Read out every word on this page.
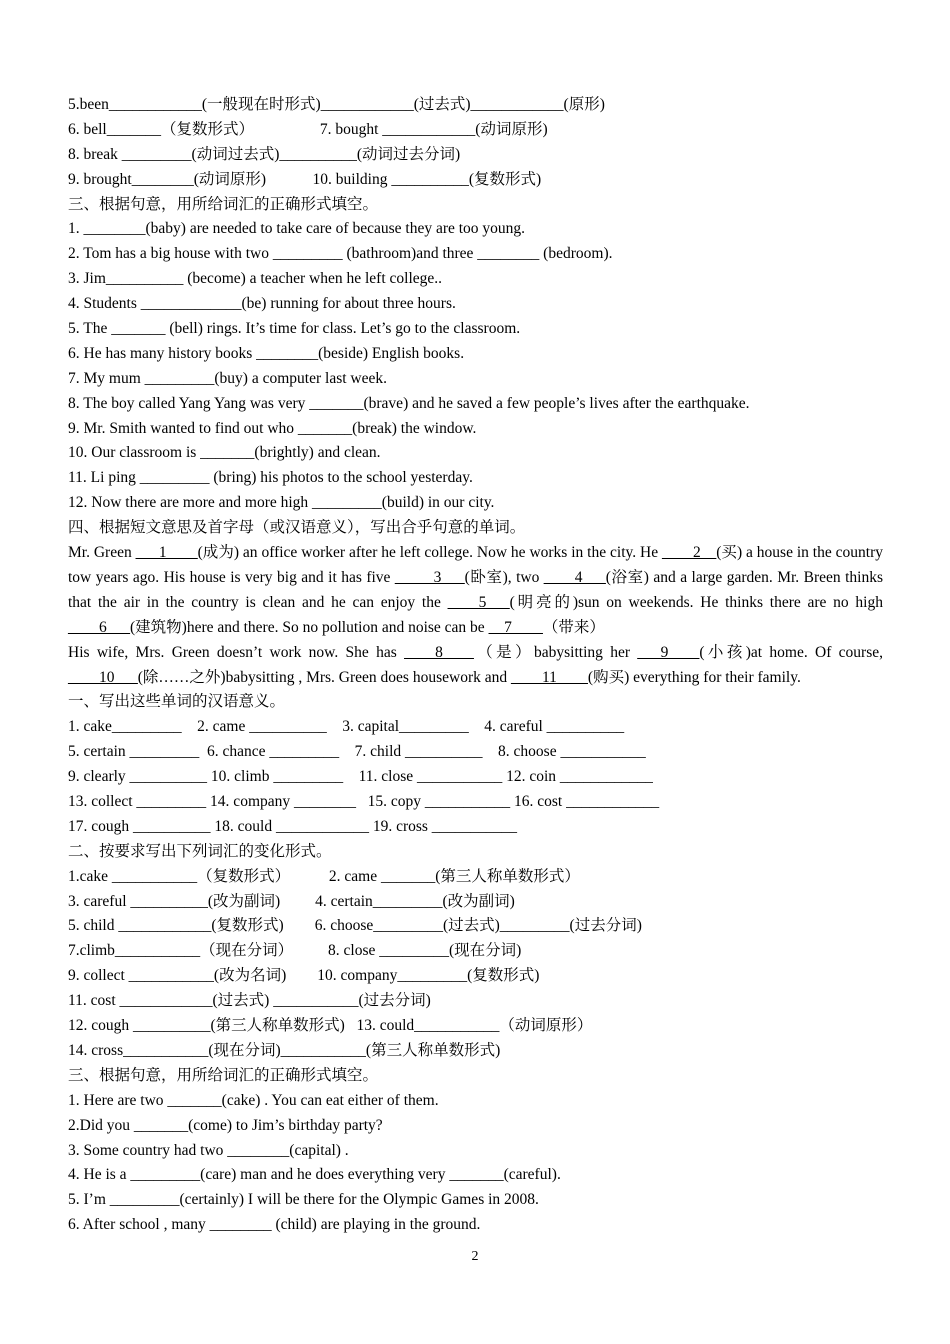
5.been____________(一般现在时形式)____________(过去式)____________(原形)
6. bell_______（复数形式）                 7. bought ____________(动词原形)
8. break _________(动词过去式)__________(动词过去分词)
9. brought________(动词原形)            10. building __________(复数形式)
三、根据句意，用所给词汇的正确形式填空。
1. ________(baby) are needed to take care of because they are too young.
2. Tom has a big house with two _________ (bathroom)and three ________ (bedroom).
3. Jim__________ (become) a teacher when he left college..
4. Students _____________(be) running for about three hours.
5. The _______ (bell) rings. It’s time for class. Let’s go to the classroom.
6. He has many history books ________(beside) English books.
7. My mum _________(buy) a computer last week.
8. The boy called Yang Yang was very _______(brave) and he saved a few people’s lives after the earthquake.
9. Mr. Smith wanted to find out who _______(break) the window.
10. Our classroom is _______(brightly) and clean.
11. Li ping _________ (bring) his photos to the school yesterday.
12. Now there are more and more high _________(build) in our city.
四、根据短文意思及首字母（或汉语意义），写出合乎句意的单词。
Mr. Green ___1____(成为) an office worker after he left college. Now he works in the city. He ____2__(买) a house in the country tow years ago. His house is very big and it has five _____3___(卧室), two ____4___(浴室) and a large garden. Mr. Breen thinks that the air in the country is clean and he can enjoy the ____5___(明亮的)sun on weekends. He thinks there are no high ____6___(建筑物)here and there. So no pollution and noise can be __7____（带来）
His wife, Mrs. Green doesn’t work now. She has ____8____（是）babysitting her ___9____(小孩)at home. Of course, ____10___(除……之外)babysitting , Mrs. Green does housework and ____11____(购买) everything for their family.
一、写出这些单词的汉语意义。
1. cake_________    2. came __________    3. capital_________    4. careful __________
5. certain _________  6. chance _________    7. child __________    8. choose ___________
9. clearly __________ 10. climb _________    11. close ___________ 12. coin ____________
13. collect _________ 14. company ________   15. copy ___________ 16. cost ____________
17. cough __________ 18. could ____________ 19. cross ___________
二、按要求写出下列词汇的变化形式。
1.cake ___________（复数形式）          2. came _______(第三人称单数形式）
3. careful __________(改为副词)         4. certain_________(改为副词)
5. child ____________(复数形式)        6. choose_________(过去式)_________(过去分词)
7.climb___________（现在分词）         8. close _________(现在分词)
9. collect ___________(改为名词)        10. company_________(复数形式)
11. cost ____________(过去式) ___________(过去分词)
12. cough __________(第三人称单数形式)   13. could___________（动词原形）
14. cross___________(现在分词)___________(第三人称单数形式)
三、根据句意，用所给词汇的正确形式填空。
1. Here are two _______(cake) . You can eat either of them.
2.Did you _______(come) to Jim’s birthday party?
3. Some country had two ________(capital) .
4. He is a _________(care) man and he does everything very _______(careful).
5. I’m _________(certainly) I will be there for the Olympic Games in 2008.
6. After school , many ________ (child) are playing in the ground.
2
